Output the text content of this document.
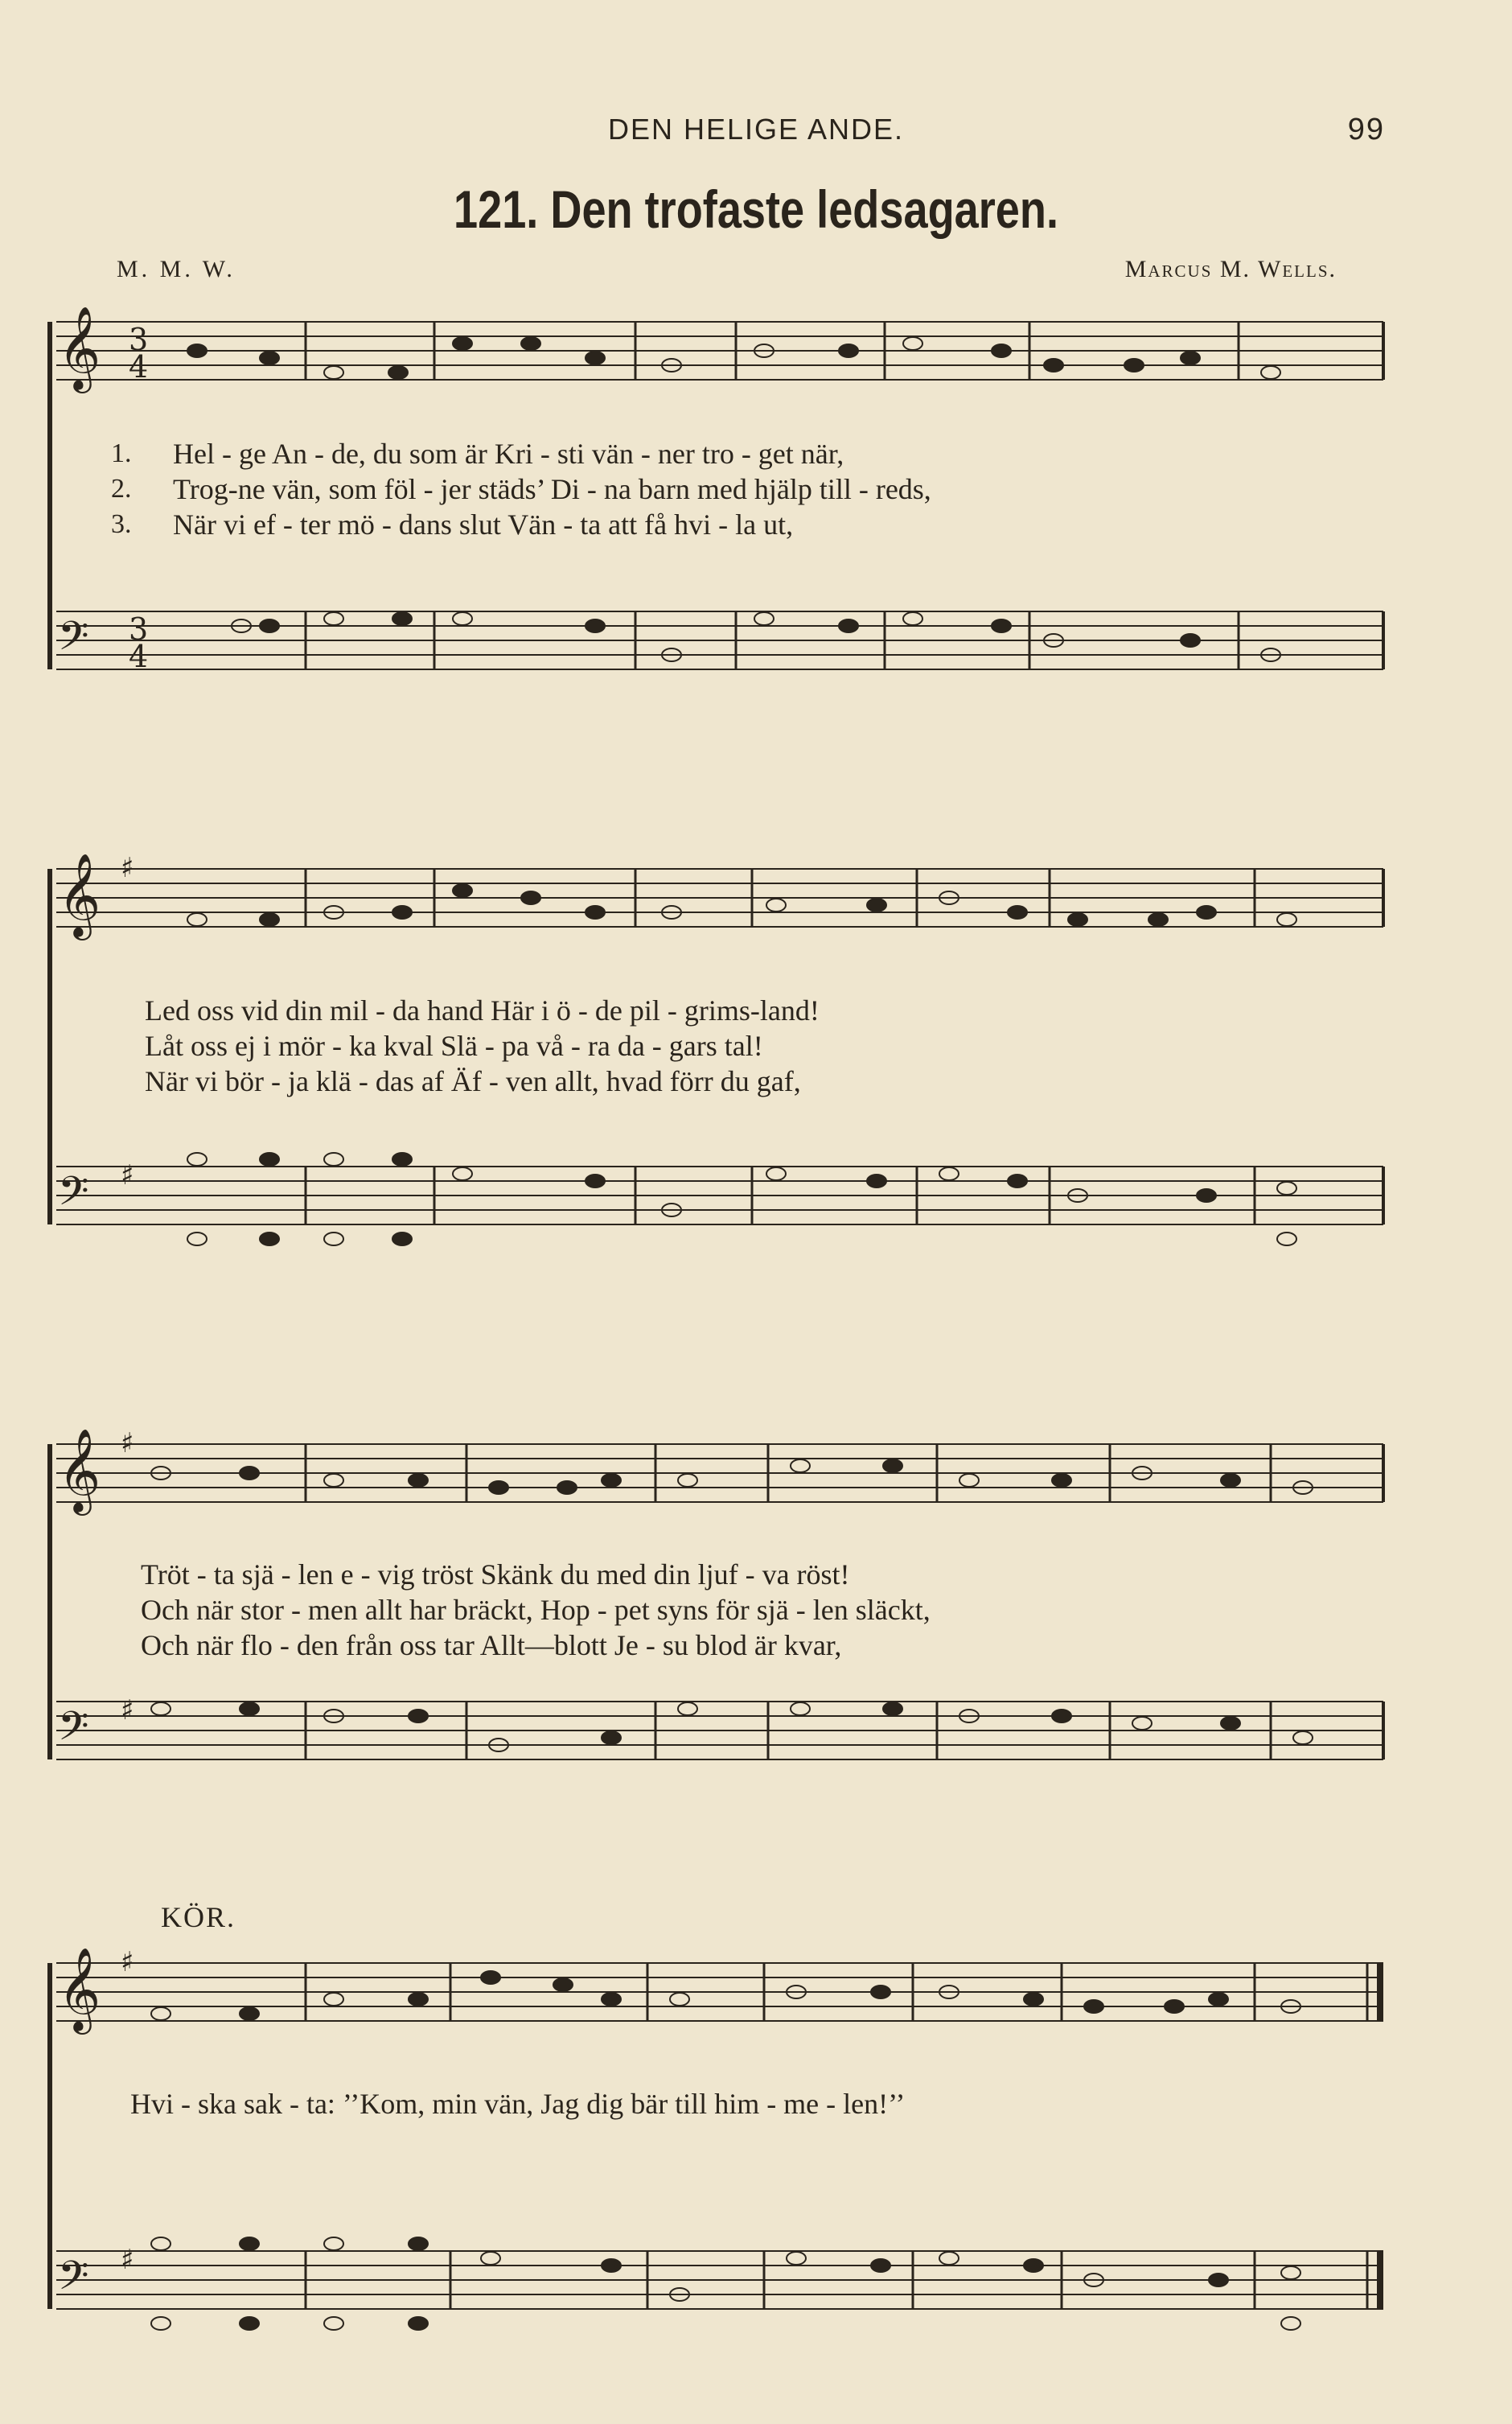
DEN HELIGE ANDE.	99
121. Den trofaste ledsagaren.
M. M. W.	Marcus M. Wells.
𝄞 3
4
𝄢 3
4
1.
2.
3.
Hel - ge An - de, du som är Kri - sti vän - ner tro - get när,
Trog-ne vän, som föl - jer städs’ Di - na barn med hjälp till - reds,
När vi ef - ter mö - dans slut Vän - ta att få hvi - la ut,
𝄞 ♯
𝄢 ♯
Led oss vid din mil - da hand Här i ö - de pil - grims-land!
Låt oss ej i mör - ka kval Slä - pa vå - ra da - gars tal!
När vi bör - ja klä - das af Äf - ven allt, hvad förr du gaf,
𝄞 ♯
𝄢 ♯
Tröt - ta sjä - len e - vig tröst Skänk du med din ljuf - va röst!
Och när stor - men allt har bräckt, Hop - pet syns för sjä - len släckt,
Och när flo - den från oss tar Allt—blott Je - su blod är kvar,
KÖR.
𝄞 ♯
𝄢 ♯
Hvi - ska sak - ta: ’’Kom, min vän, Jag dig bär till him - me - len!’’
